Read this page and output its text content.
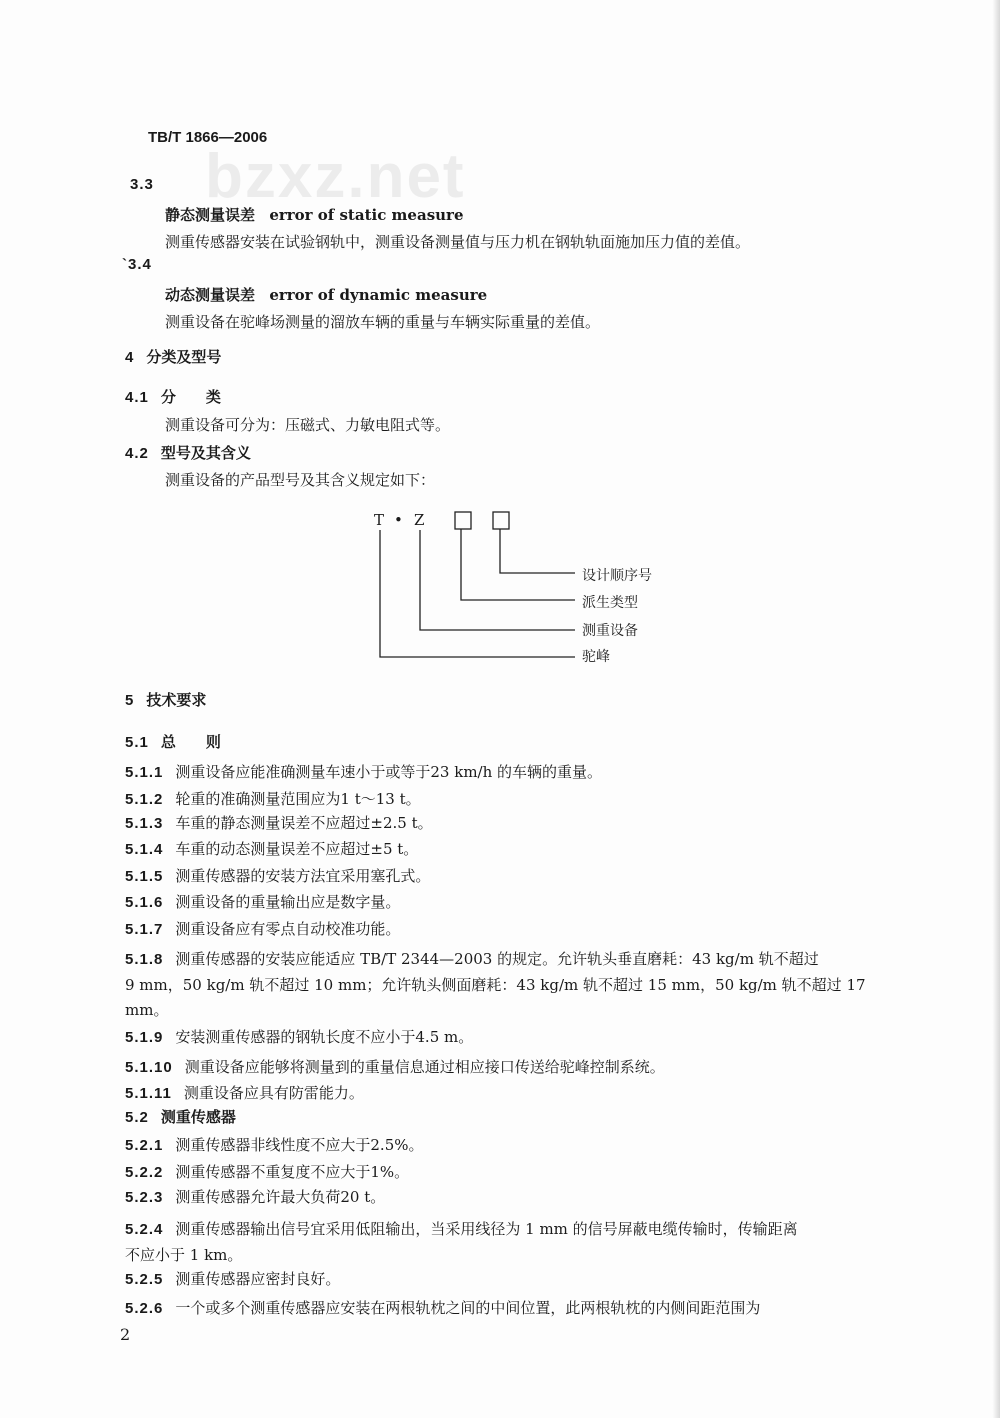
bzxz.net
TB/T 1866—2006
3.3
静态测量误差 error of static measure
测重传感器安装在试验钢轨中，测重设备测量值与压力机在钢轨轨面施加压力值的差值。
`3.4
动态测量误差 error of dynamic measure
测重设备在驼峰场测量的溜放车辆的重量与车辆实际重量的差值。
4 分类及型号
4.1 分　　类
测重设备可分为：压磁式、力敏电阻式等。
4.2 型号及其含义
测重设备的产品型号及其含义规定如下：
T • Z
设计顺序号
派生类型
测重设备
驼峰
5 技术要求
5.1 总　　则
5.1.1 测重设备应能准确测量车速小于或等于23 km/h 的车辆的重量。
5.1.2 轮重的准确测量范围应为1 t～13 t。
5.1.3 车重的静态测量误差不应超过±2.5 t。
5.1.4 车重的动态测量误差不应超过±5 t。
5.1.5 测重传感器的安装方法宜采用塞孔式。
5.1.6 测重设备的重量输出应是数字量。
5.1.7 测重设备应有零点自动校准功能。
5.1.8 测重传感器的安装应能适应 TB/T 2344—2003 的规定。允许轨头垂直磨耗：43 kg/m 轨不超过
9 mm，50 kg/m 轨不超过 10 mm；允许轨头侧面磨耗：43 kg/m 轨不超过 15 mm，50 kg/m 轨不超过 17
mm。
5.1.9 安装测重传感器的钢轨长度不应小于4.5 m。
5.1.10 测重设备应能够将测量到的重量信息通过相应接口传送给驼峰控制系统。
5.1.11 测重设备应具有防雷能力。
5.2 测重传感器
5.2.1 测重传感器非线性度不应大于2.5%。
5.2.2 测重传感器不重复度不应大于1%。
5.2.3 测重传感器允许最大负荷20 t。
5.2.4 测重传感器输出信号宜采用低阻输出，当采用线径为 1 mm 的信号屏蔽电缆传输时，传输距离
不应小于 1 km。
5.2.5 测重传感器应密封良好。
5.2.6 一个或多个测重传感器应安装在两根轨枕之间的中间位置，此两根轨枕的内侧间距范围为
2
